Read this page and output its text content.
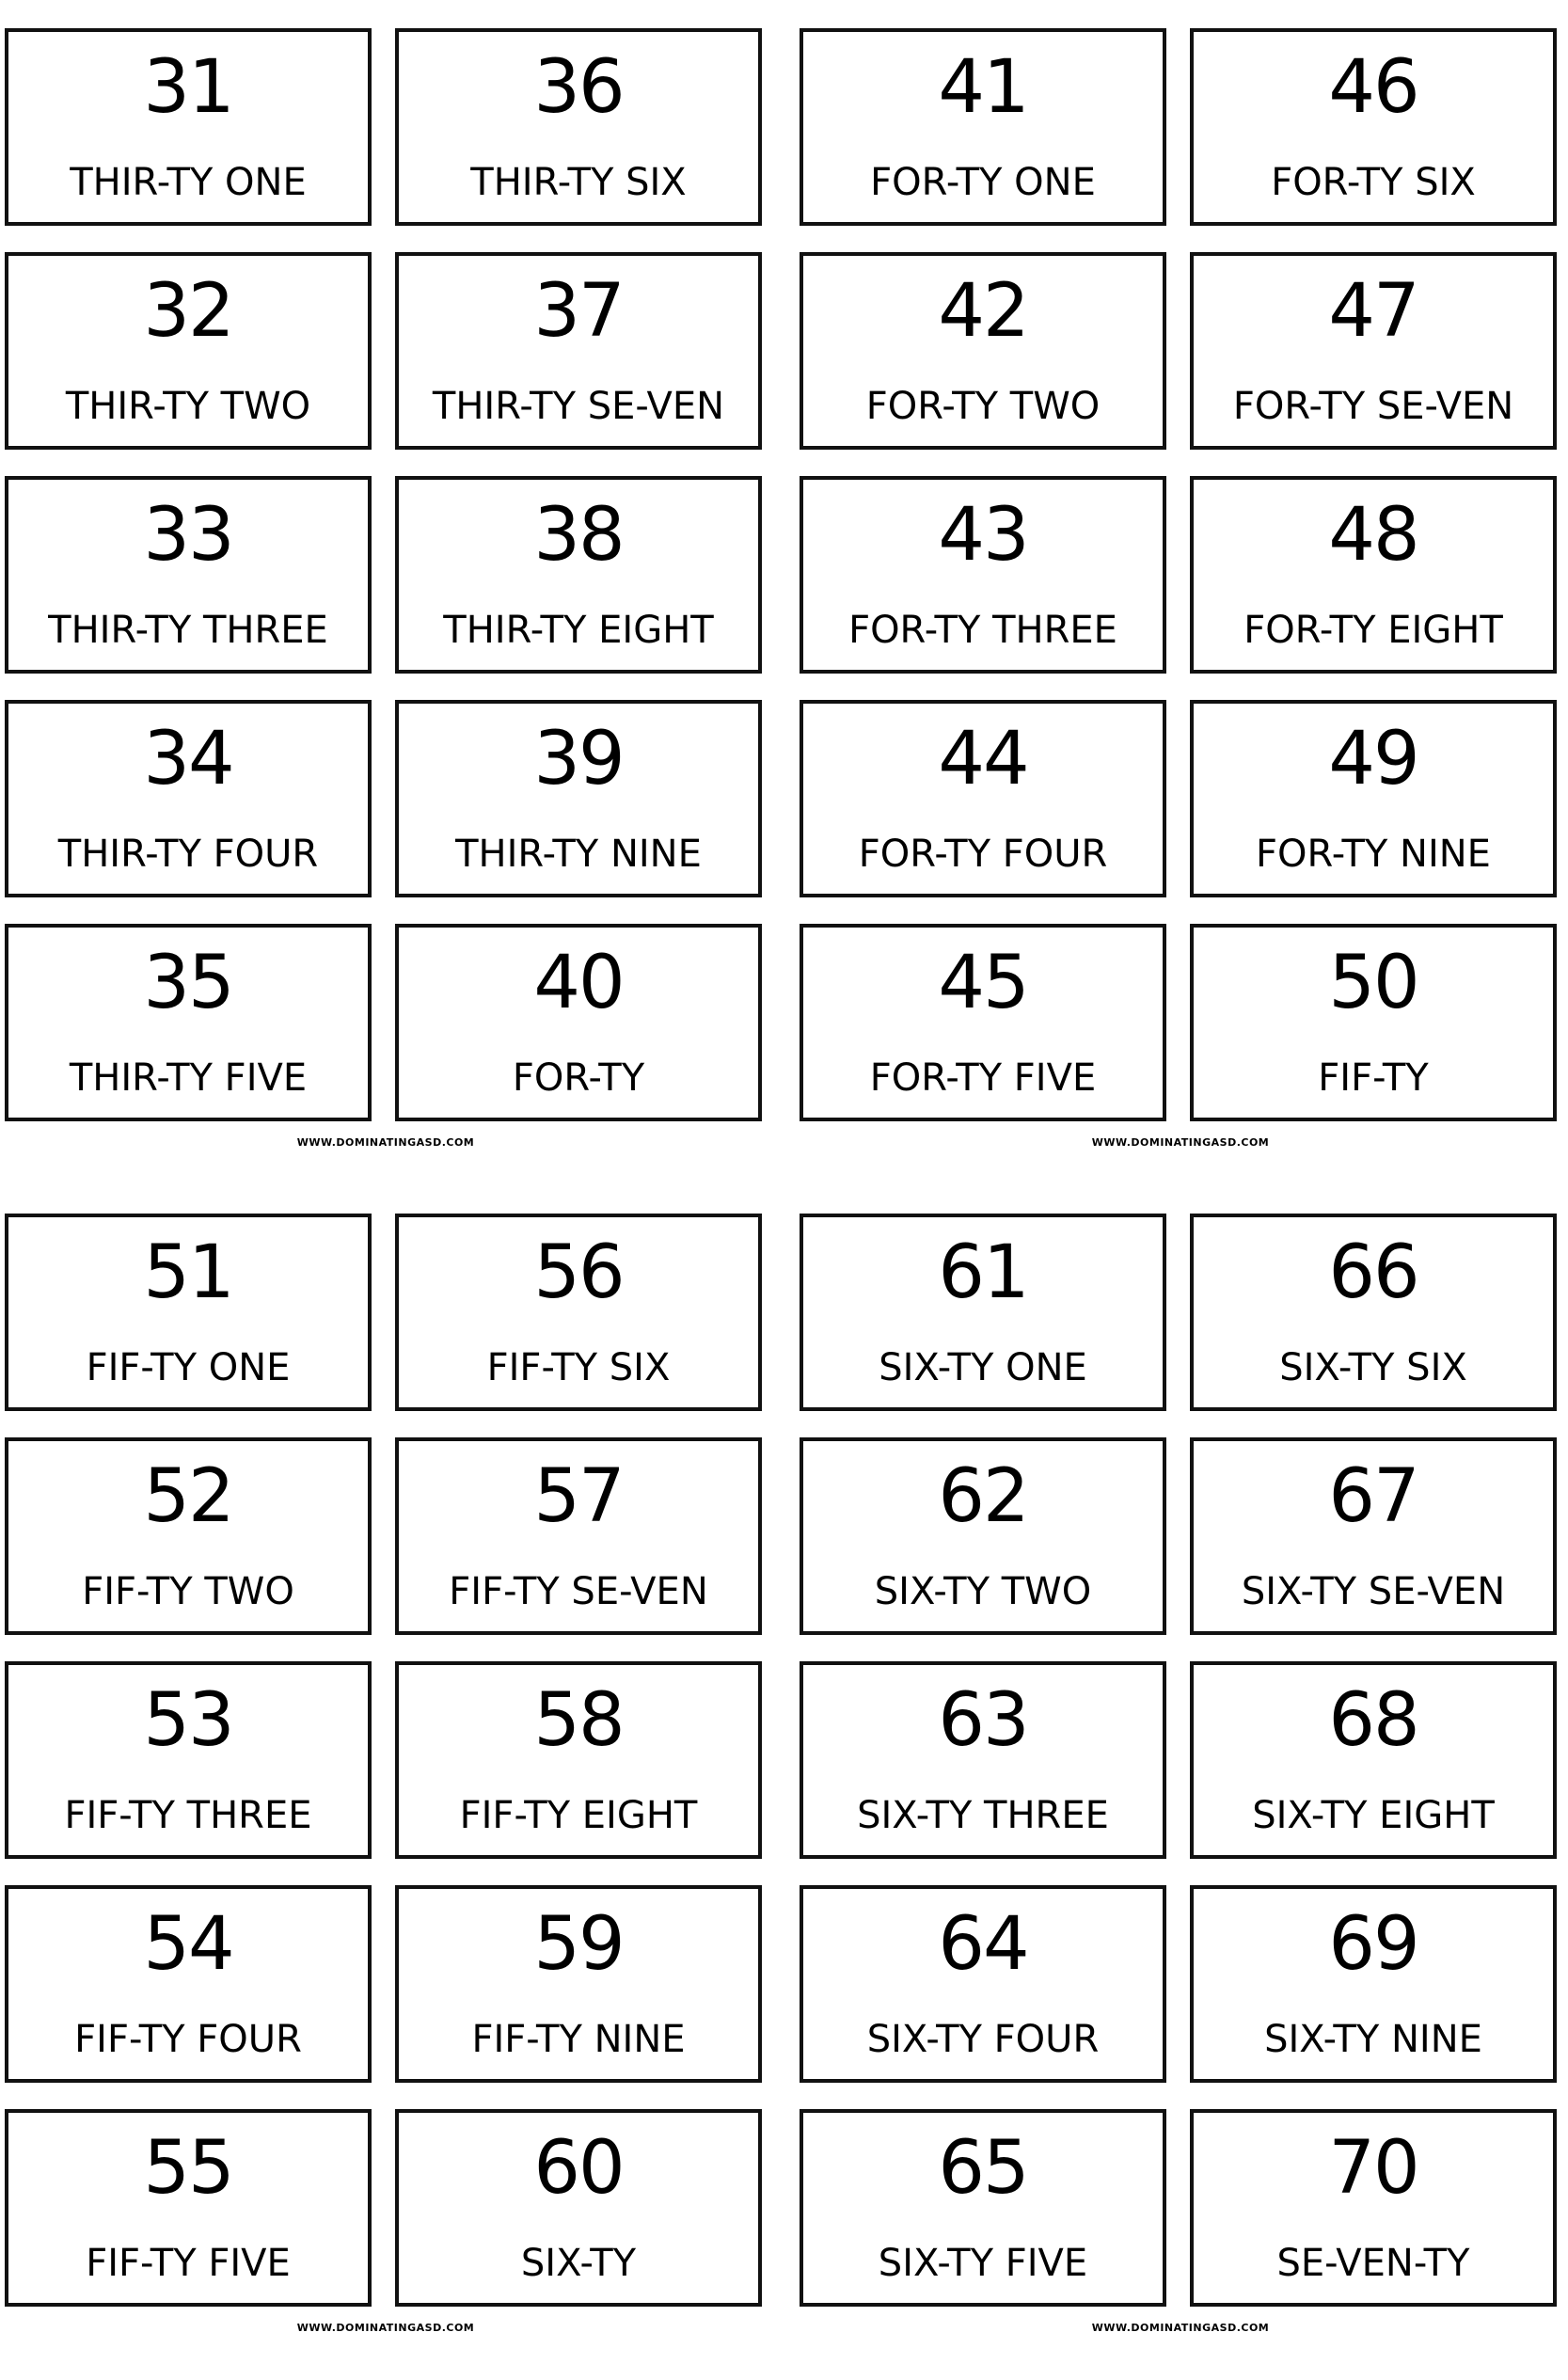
31
THIR-TY ONE
36
THIR-TY SIX
32
THIR-TY TWO
37
THIR-TY SE-VEN
33
THIR-TY THREE
38
THIR-TY EIGHT
34
THIR-TY FOUR
39
THIR-TY NINE
35
THIR-TY FIVE
40
FOR-TY
WWW.DOMINATINGASD.COM
41
FOR-TY ONE
46
FOR-TY SIX
42
FOR-TY TWO
47
FOR-TY SE-VEN
43
FOR-TY THREE
48
FOR-TY EIGHT
44
FOR-TY FOUR
49
FOR-TY NINE
45
FOR-TY FIVE
50
FIF-TY
WWW.DOMINATINGASD.COM
51
FIF-TY ONE
56
FIF-TY SIX
52
FIF-TY TWO
57
FIF-TY SE-VEN
53
FIF-TY THREE
58
FIF-TY EIGHT
54
FIF-TY FOUR
59
FIF-TY NINE
55
FIF-TY FIVE
60
SIX-TY
WWW.DOMINATINGASD.COM
61
SIX-TY ONE
66
SIX-TY SIX
62
SIX-TY TWO
67
SIX-TY SE-VEN
63
SIX-TY THREE
68
SIX-TY EIGHT
64
SIX-TY FOUR
69
SIX-TY NINE
65
SIX-TY FIVE
70
SE-VEN-TY
WWW.DOMINATINGASD.COM
